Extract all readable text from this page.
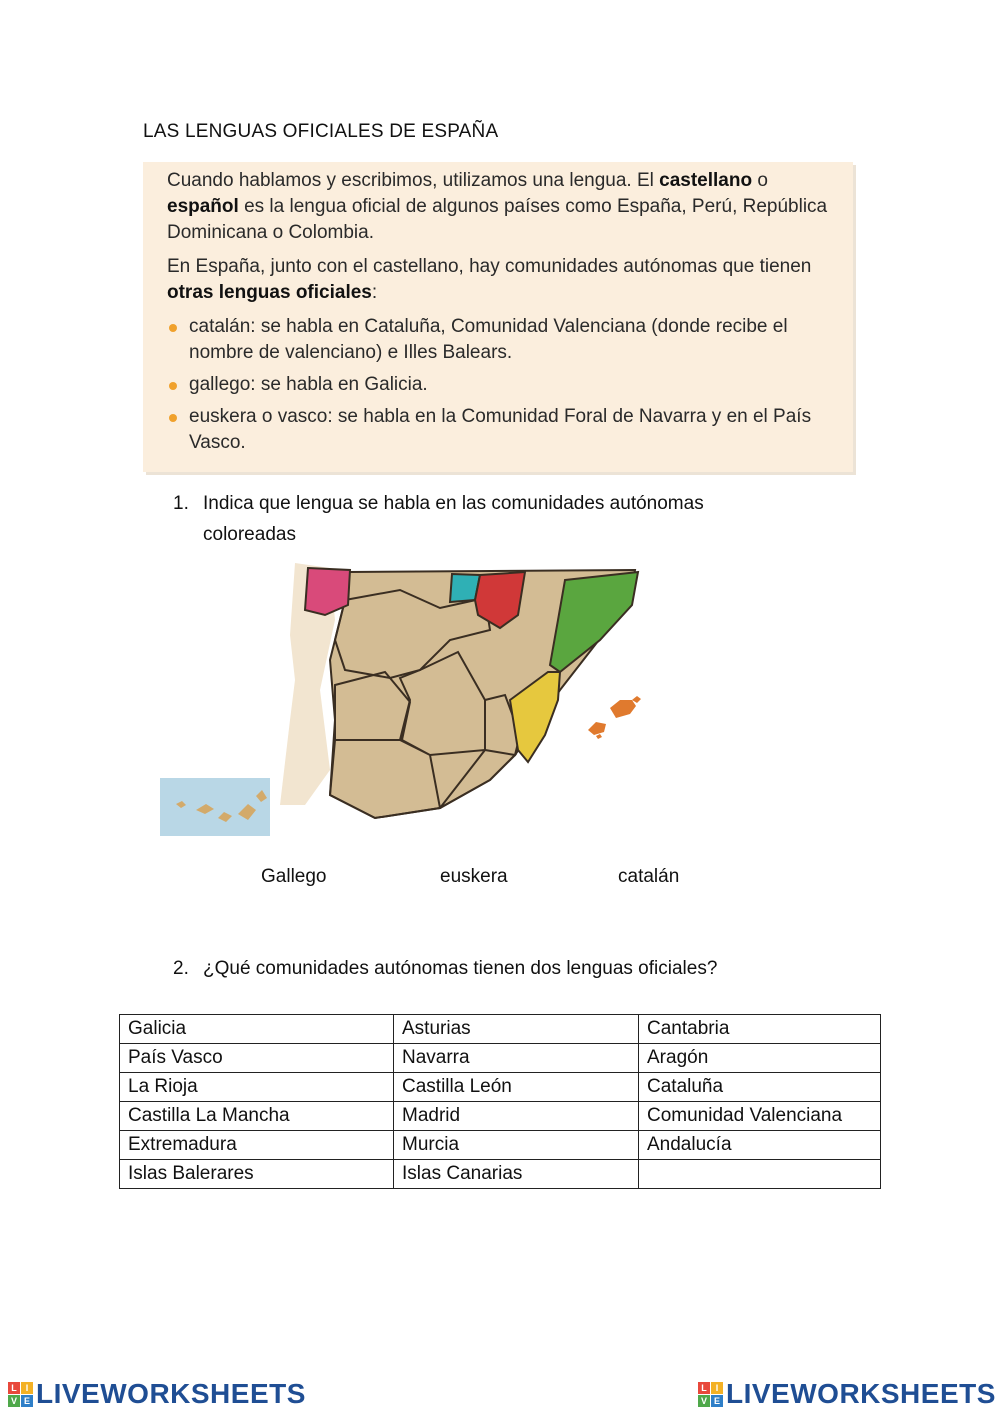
LAS LENGUAS OFICIALES DE ESPAÑA

Cuando hablamos y escribimos, utilizamos una lengua. El castellano o español es la lengua oficial de algunos países como España, Perú, República Dominicana o Colombia.

En España, junto con el castellano, hay comunidades autónomas que tienen otras lenguas oficiales:

catalán: se habla en Cataluña, Comunidad Valenciana (donde recibe el nombre de valenciano) e Illes Balears.
gallego: se habla en Galicia.
euskera o vasco: se habla en la Comunidad Foral de Navarra y en el País Vasco.
1. Indica que lengua se habla en las comunidades autónomas coloreadas
Gallego	euskera	catalán
2. ¿Qué comunidades autónomas tienen dos lenguas oficiales?
Galicia	Asturias	Cantabria
País Vasco	Navarra	Aragón
La Rioja	Castilla León	Cataluña
Castilla La Mancha	Madrid	Comunidad Valenciana
Extremadura	Murcia	Andalucía
Islas Balerares	Islas Canarias	
L I
V E LIVEWORKSHEETS	L I
V E LIVEWORKSHEETS
